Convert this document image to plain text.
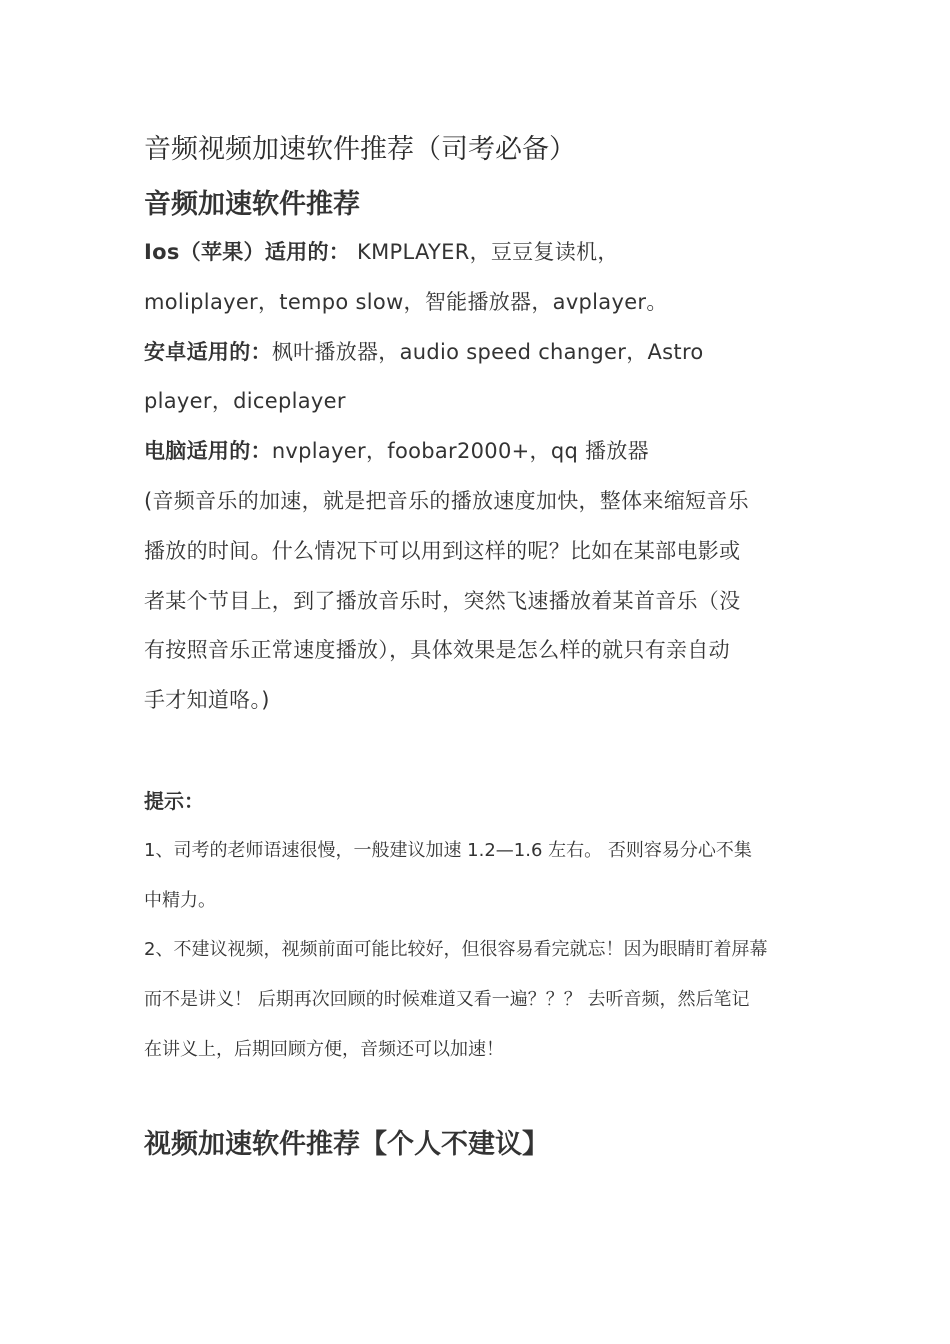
音频视频加速软件推荐（司考必备）
音频加速软件推荐

Ios（苹果）适用的： KMPLAYER，豆豆复读机，

moliplayer，tempo slow，智能播放器，avplayer。

安卓适用的：枫叶播放器，audio speed changer，Astro

player，diceplayer

电脑适用的：nvplayer，foobar2000+，qq 播放器

(音频音乐的加速，就是把音乐的播放速度加快，整体来缩短音乐

播放的时间。什么情况下可以用到这样的呢？比如在某部电影或

者某个节目上，到了播放音乐时，突然飞速播放着某首音乐（没

有按照音乐正常速度播放），具体效果是怎么样的就只有亲自动

手才知道咯。)

提示：

1、司考的老师语速很慢，一般建议加速 1.2—1.6 左右。 否则容易分心不集

中精力。

2、不建议视频，视频前面可能比较好，但很容易看完就忘！因为眼睛盯着屏幕

而不是讲义！ 后期再次回顾的时候难道又看一遍？？？ 去听音频，然后笔记

在讲义上，后期回顾方便，音频还可以加速！

视频加速软件推荐【个人不建议】
